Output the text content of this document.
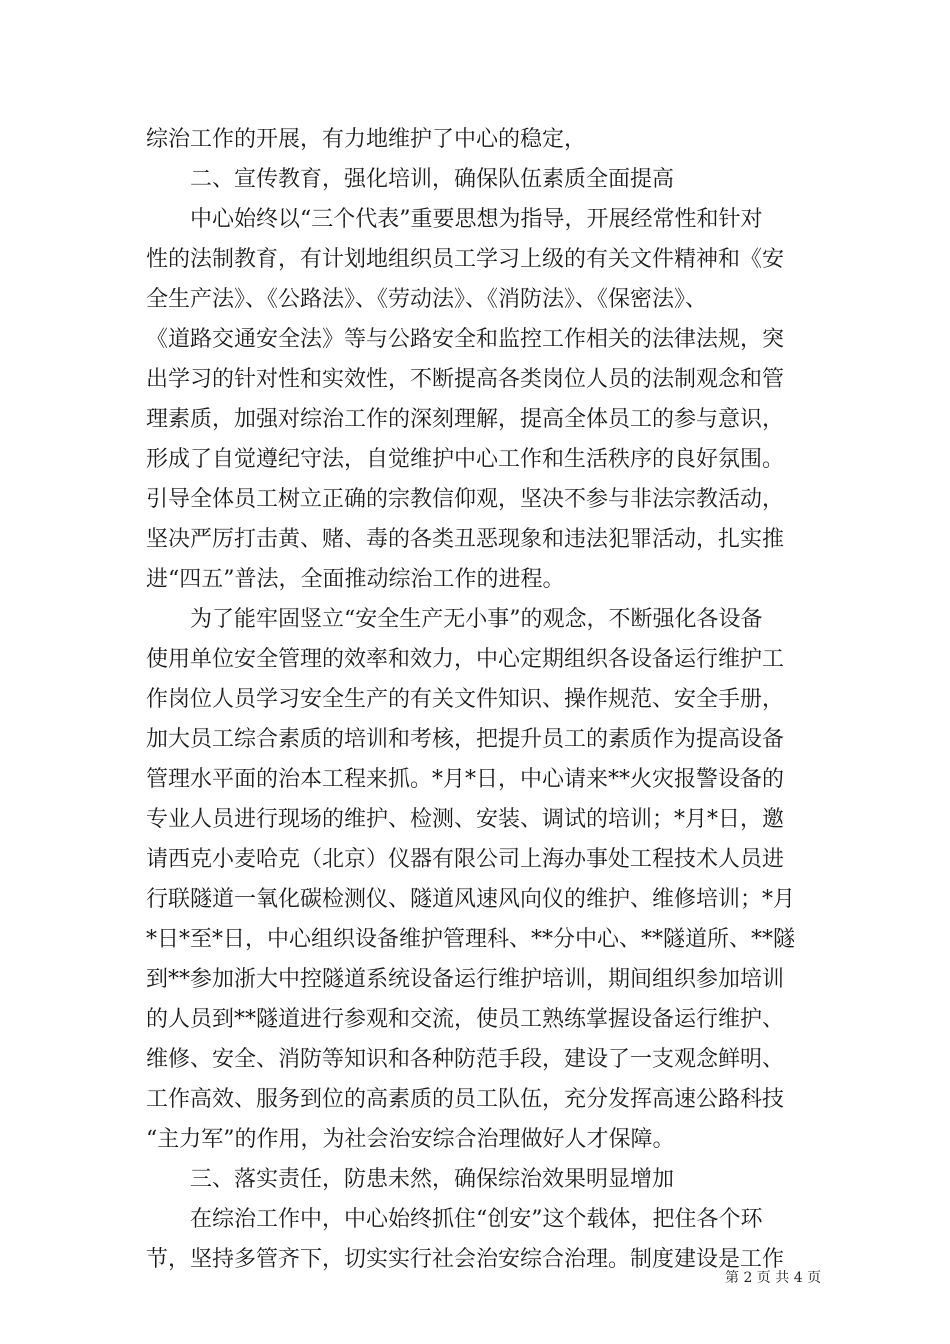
综治工作的开展，有力地维护了中心的稳定，
　　二、宣传教育，强化培训，确保队伍素质全面提高
　　中心始终以“三个代表”重要思想为指导，开展经常性和针对
性的法制教育，有计划地组织员工学习上级的有关文件精神和《安
全生产法》、《公路法》、《劳动法》、《消防法》、《保密法》、
《道路交通安全法》等与公路安全和监控工作相关的法律法规，突
出学习的针对性和实效性，不断提高各类岗位人员的法制观念和管
理素质，加强对综治工作的深刻理解，提高全体员工的参与意识，
形成了自觉遵纪守法，自觉维护中心工作和生活秩序的良好氛围。
引导全体员工树立正确的宗教信仰观，坚决不参与非法宗教活动，
坚决严厉打击黄、赌、毒的各类丑恶现象和违法犯罪活动，扎实推
进“四五”普法，全面推动综治工作的进程。
　　为了能牢固竖立“安全生产无小事”的观念，不断强化各设备
使用单位安全管理的效率和效力，中心定期组织各设备运行维护工
作岗位人员学习安全生产的有关文件知识、操作规范、安全手册，
加大员工综合素质的培训和考核，把提升员工的素质作为提高设备
管理水平面的治本工程来抓。*月*日，中心请来**火灾报警设备的
专业人员进行现场的维护、检测、安装、调试的培训；*月*日，邀
请西克小麦哈克（北京）仪器有限公司上海办事处工程技术人员进
行联隧道一氧化碳检测仪、隧道风速风向仪的维护、维修培训；*月
*日*至*日，中心组织设备维护管理科、**分中心、**隧道所、**隧
到**参加浙大中控隧道系统设备运行维护培训，期间组织参加培训
的人员到**隧道进行参观和交流，使员工熟练掌握设备运行维护、
维修、安全、消防等知识和各种防范手段，建设了一支观念鲜明、
工作高效、服务到位的高素质的员工队伍，充分发挥高速公路科技
“主力军”的作用，为社会治安综合治理做好人才保障。
　　三、落实责任，防患未然，确保综治效果明显增加
　　在综治工作中，中心始终抓住“创安”这个载体，把住各个环
节，坚持多管齐下，切实实行社会治安综合治理。制度建设是工作
第 2 页 共 4 页
